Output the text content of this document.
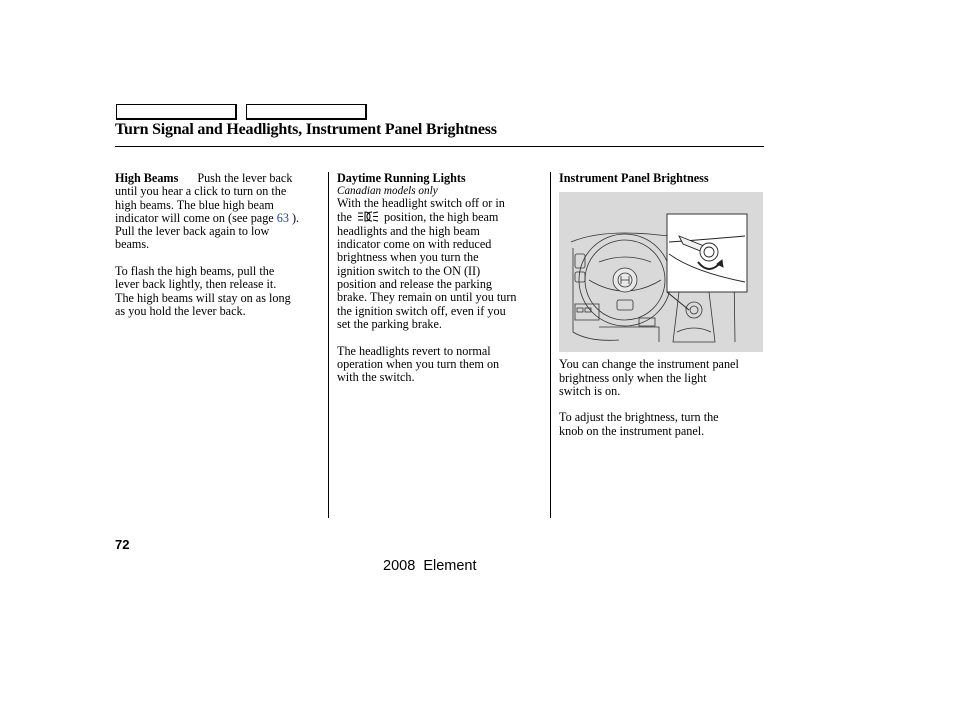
Turn Signal and Headlights, Instrument Panel Brightness

High Beams Push the lever back
until you hear a click to turn on the
high beams. The blue high beam
indicator will come on (see page 63 ).
Pull the lever back again to low
beams.

To flash the high beams, pull the
lever back lightly, then release it.
The high beams will stay on as long
as you hold the lever back.

Daytime Running Lights

Canadian models only

With the headlight switch off or in
the	position, the high beam
headlights and the high beam
indicator come on with reduced
brightness when you turn the
ignition switch to the ON (II)
position and release the parking
brake. They remain on until you turn
the ignition switch off, even if you
set the parking brake.

The headlights revert to normal
operation when you turn them on
with the switch.

Instrument Panel Brightness

You can change the instrument panel
brightness only when the light
switch is on.

To adjust the brightness, turn the
knob on the instrument panel.

72
2008  Element
